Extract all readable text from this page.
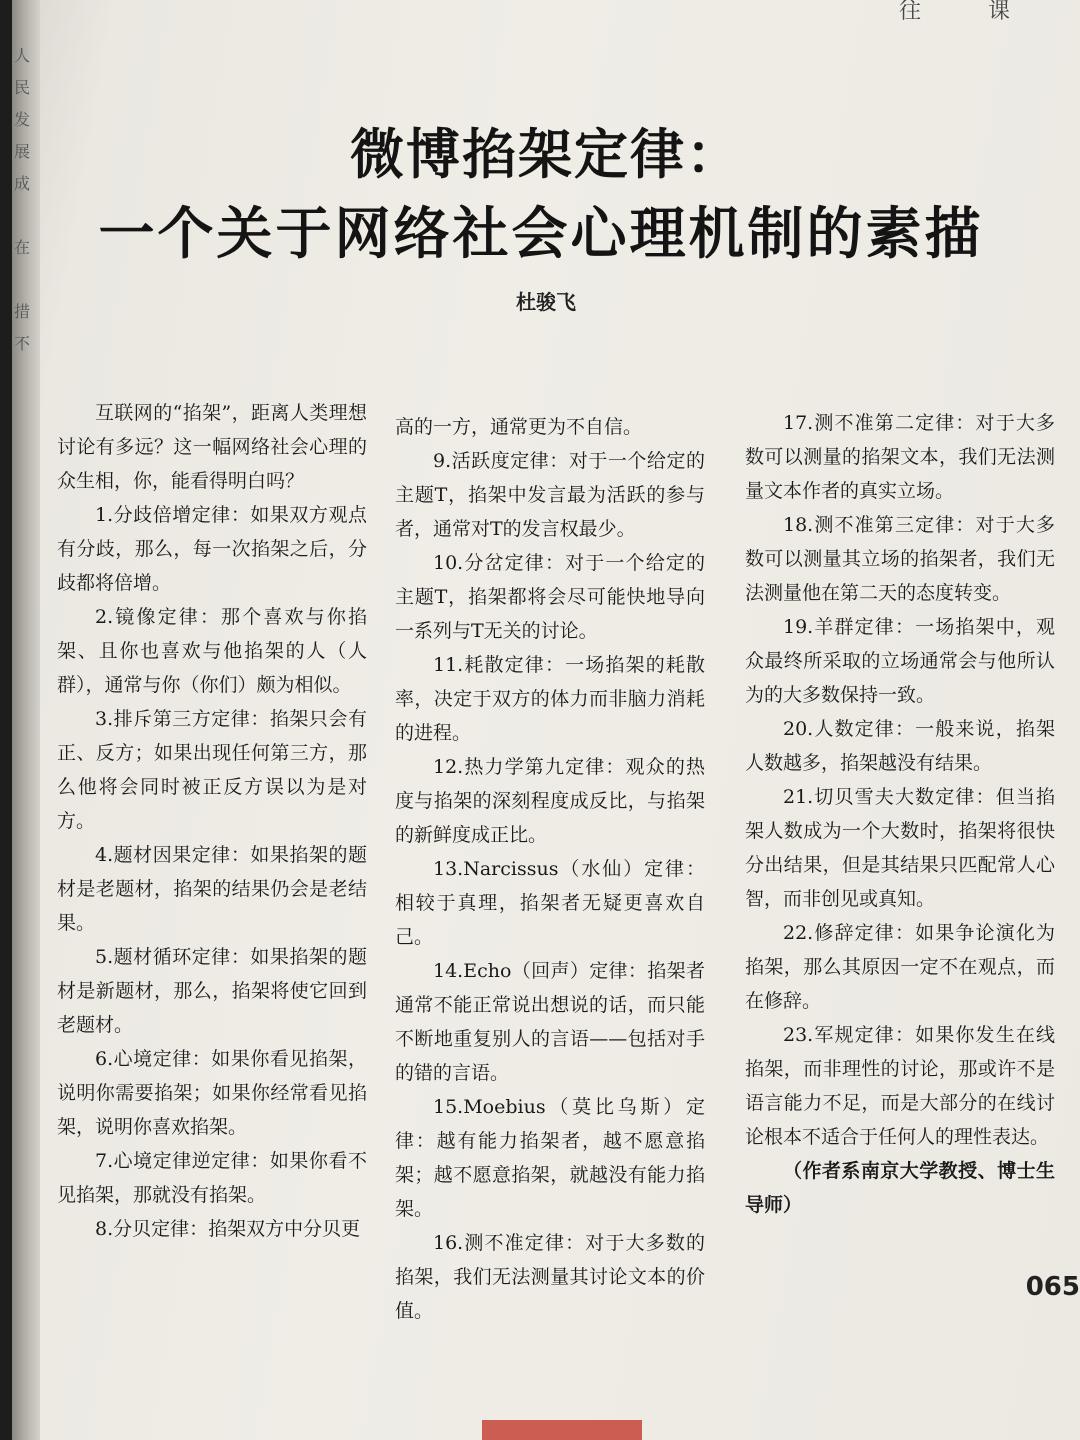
人民
发展
成

在

措
不
往 课
微博掐架定律：
一个关于网络社会心理机制的素描
杜骏飞

互联网的“掐架”，距离人类理想讨论有多远？这一幅网络社会心理的众生相，你，能看得明白吗？

1.分歧倍增定律：如果双方观点有分歧，那么，每一次掐架之后，分歧都将倍增。

2.镜像定律：那个喜欢与你掐架、且你也喜欢与他掐架的人（人群），通常与你（你们）颇为相似。

3.排斥第三方定律：掐架只会有正、反方；如果出现任何第三方，那么他将会同时被正反方误以为是对方。

4.题材因果定律：如果掐架的题材是老题材，掐架的结果仍会是老结果。

5.题材循环定律：如果掐架的题材是新题材，那么，掐架将使它回到老题材。

6.心境定律：如果你看见掐架，说明你需要掐架；如果你经常看见掐架，说明你喜欢掐架。

7.心境定律逆定律：如果你看不见掐架，那就没有掐架。

8.分贝定律：掐架双方中分贝更

高的一方，通常更为不自信。

9.活跃度定律：对于一个给定的主题T，掐架中发言最为活跃的参与者，通常对T的发言权最少。

10.分岔定律：对于一个给定的主题T，掐架都将会尽可能快地导向一系列与T无关的讨论。

11.耗散定律：一场掐架的耗散率，决定于双方的体力而非脑力消耗的进程。

12.热力学第九定律：观众的热度与掐架的深刻程度成反比，与掐架的新鲜度成正比。

13.Narcissus（水仙）定律：相较于真理，掐架者无疑更喜欢自己。

14.Echo（回声）定律：掐架者通常不能正常说出想说的话，而只能不断地重复别人的言语——包括对手的错的言语。

15.Moebius（莫比乌斯）定律：越有能力掐架者，越不愿意掐架；越不愿意掐架，就越没有能力掐架。

16.测不准定律：对于大多数的掐架，我们无法测量其讨论文本的价值。

17.测不准第二定律：对于大多数可以测量的掐架文本，我们无法测量文本作者的真实立场。

18.测不准第三定律：对于大多数可以测量其立场的掐架者，我们无法测量他在第二天的态度转变。

19.羊群定律：一场掐架中，观众最终所采取的立场通常会与他所认为的大多数保持一致。

20.人数定律：一般来说，掐架人数越多，掐架越没有结果。

21.切贝雪夫大数定律：但当掐架人数成为一个大数时，掐架将很快分出结果，但是其结果只匹配常人心智，而非创见或真知。

22.修辞定律：如果争论演化为掐架，那么其原因一定不在观点，而在修辞。

23.军规定律：如果你发生在线掐架，而非理性的讨论，那或许不是语言能力不足，而是大部分的在线讨论根本不适合于任何人的理性表达。

（作者系南京大学教授、博士生导师）

065
